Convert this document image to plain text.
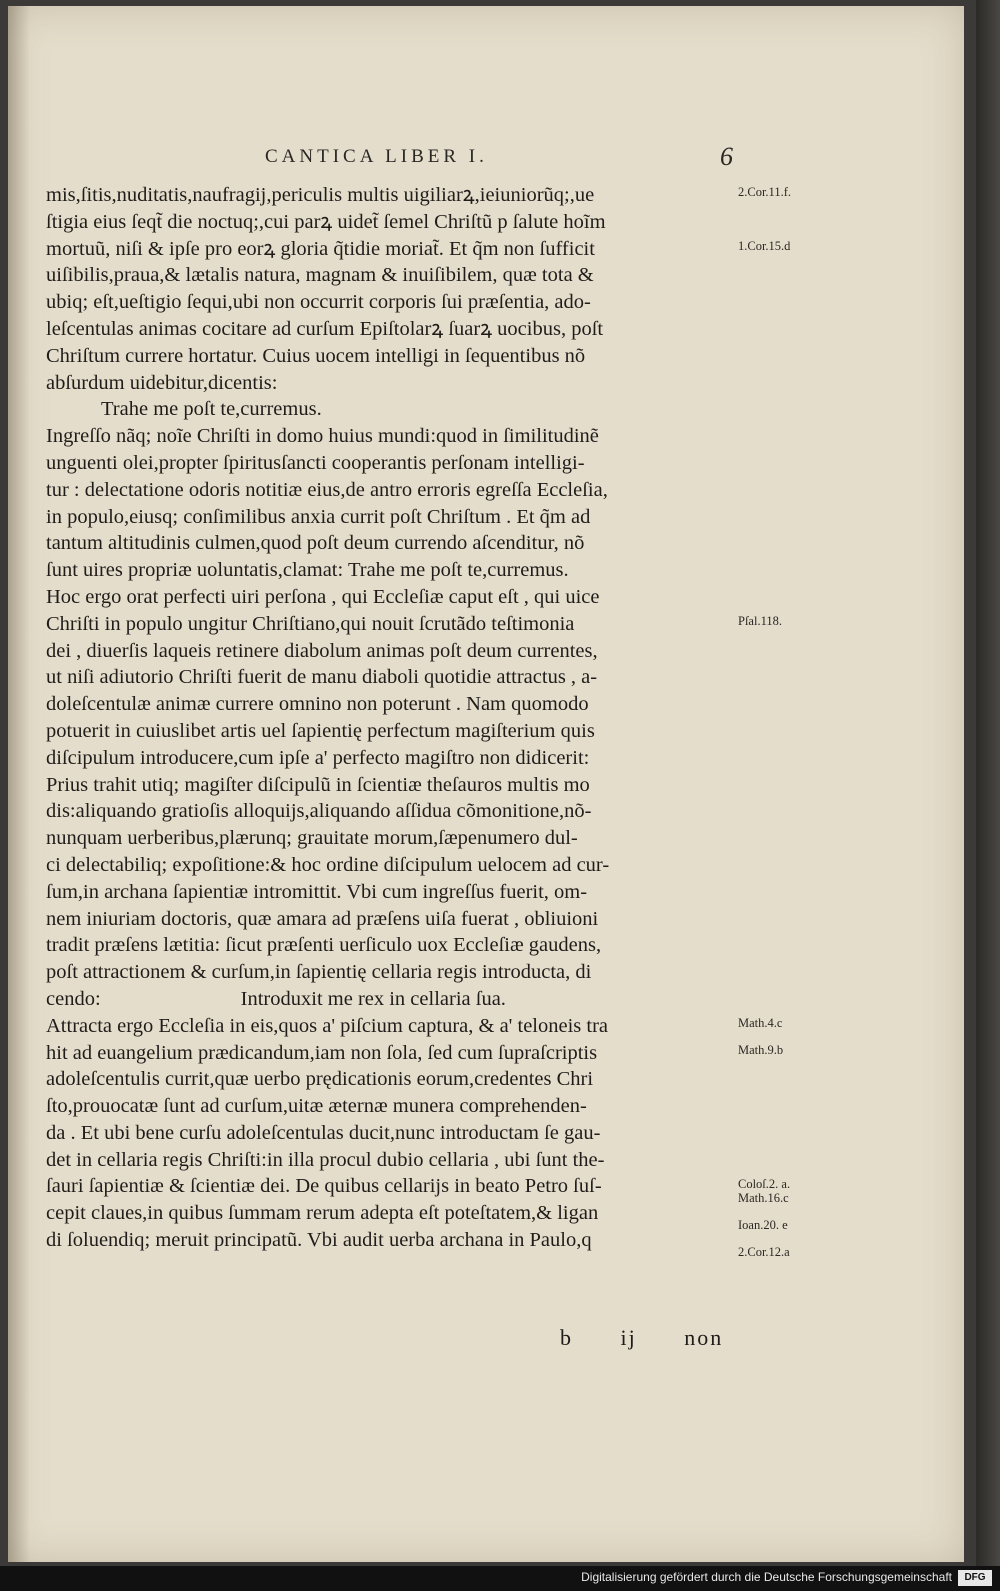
CANTICA LIBER I.	6
mis,ſitis,nuditatis,naufragij,periculis multis uigiliarꝝ,ieiuniorũq;,ue
ſtigia eius ſeqt̃ die noctuq;,cui parꝝ uidet̃ ſemel Chriſtũ p ſalute hoĩm
mortuũ, niſi & ipſe pro eorꝝ gloria q̃tidie moriat̃. Et q̃m non ſufficit
uiſibilis,praua,& lætalis natura, magnam & inuiſibilem, quæ tota &
ubiq; eſt,ueſtigio ſequi,ubi non occurrit corporis ſui præſentia, ado-
leſcentulas animas cocitare ad curſum Epiſtolarꝝ ſuarꝝ uocibus, poſt
Chriſtum currere hortatur. Cuius uocem intelligi in ſequentibus nõ
abſurdum uidebitur,dicentis:
Trahe me poſt te,curremus.
Ingreſſo nãq; noĩe Chriſti in domo huius mundi:quod in ſimilitudinẽ
unguenti olei,propter ſpiritusſancti cooperantis perſonam intelligi-
tur : delectatione odoris notitiæ eius,de antro erroris egreſſa Eccleſia,
in populo,eiusq; conſimilibus anxia currit poſt Chriſtum . Et q̃m ad
tantum altitudinis culmen,quod poſt deum currendo aſcenditur, nõ
ſunt uires propriæ uoluntatis,clamat: Trahe me poſt te,curremus.
Hoc ergo orat perfecti uiri perſona , qui Eccleſiæ caput eſt , qui uice
Chriſti in populo ungitur Chriſtiano,qui nouit ſcrutãdo teſtimonia
dei , diuerſis laqueis retinere diabolum animas poſt deum currentes,
ut niſi adiutorio Chriſti fuerit de manu diaboli quotidie attractus , a-
doleſcentulæ animæ currere omnino non poterunt . Nam quomodo
potuerit in cuiuslibet artis uel ſapientię perfectum magiſterium quis
diſcipulum introducere,cum ipſe a' perfecto magiſtro non didicerit:
Prius trahit utiq; magiſter diſcipulũ in ſcientiæ theſauros multis mo
dis:aliquando gratioſis alloquijs,aliquando aſſidua cõmonitione,nõ-
nunquam uerberibus,plærunq; grauitate morum,ſæpenumero dul-
ci delectabiliq; expoſitione:& hoc ordine diſcipulum uelocem ad cur-
ſum,in archana ſapientiæ intromittit. Vbi cum ingreſſus fuerit, om-
nem iniuriam doctoris, quæ amara ad præſens uiſa fuerat , obliuioni
tradit præſens lætitia: ſicut præſenti uerſiculo uox Eccleſiæ gaudens,
poſt attractionem & curſum,in ſapientię cellaria regis introducta, di
cendo:	Introduxit me rex in cellaria ſua.
Attracta ergo Eccleſia in eis,quos a' piſcium captura, & a' teloneis tra
hit ad euangelium prædicandum,iam non ſola, ſed cum ſupraſcriptis
adoleſcentulis currit,quæ uerbo prędicationis eorum,credentes Chri
ſto,prouocatæ ſunt ad curſum,uitæ æternæ munera comprehenden-
da . Et ubi bene curſu adoleſcentulas ducit,nunc introductam ſe gau-
det in cellaria regis Chriſti:in illa procul dubio cellaria , ubi ſunt the-
ſauri ſapientiæ & ſcientiæ dei. De quibus cellarijs in beato Petro ſuſ-
cepit claues,in quibus ſummam rerum adepta eſt poteſtatem,& ligan
di ſoluendiq; meruit principatũ. Vbi audit uerba archana in Paulo,q
2.Cor.11.f.
1.Cor.15.d
Pſal.118.
Math.4.c
Math.9.b
Coloſ.2. a.
Math.16.c
Ioan.20. e
2.Cor.12.a
b ij non
Digitalisierung gefördert durch die Deutsche Forschungsgemeinschaft	DFG
